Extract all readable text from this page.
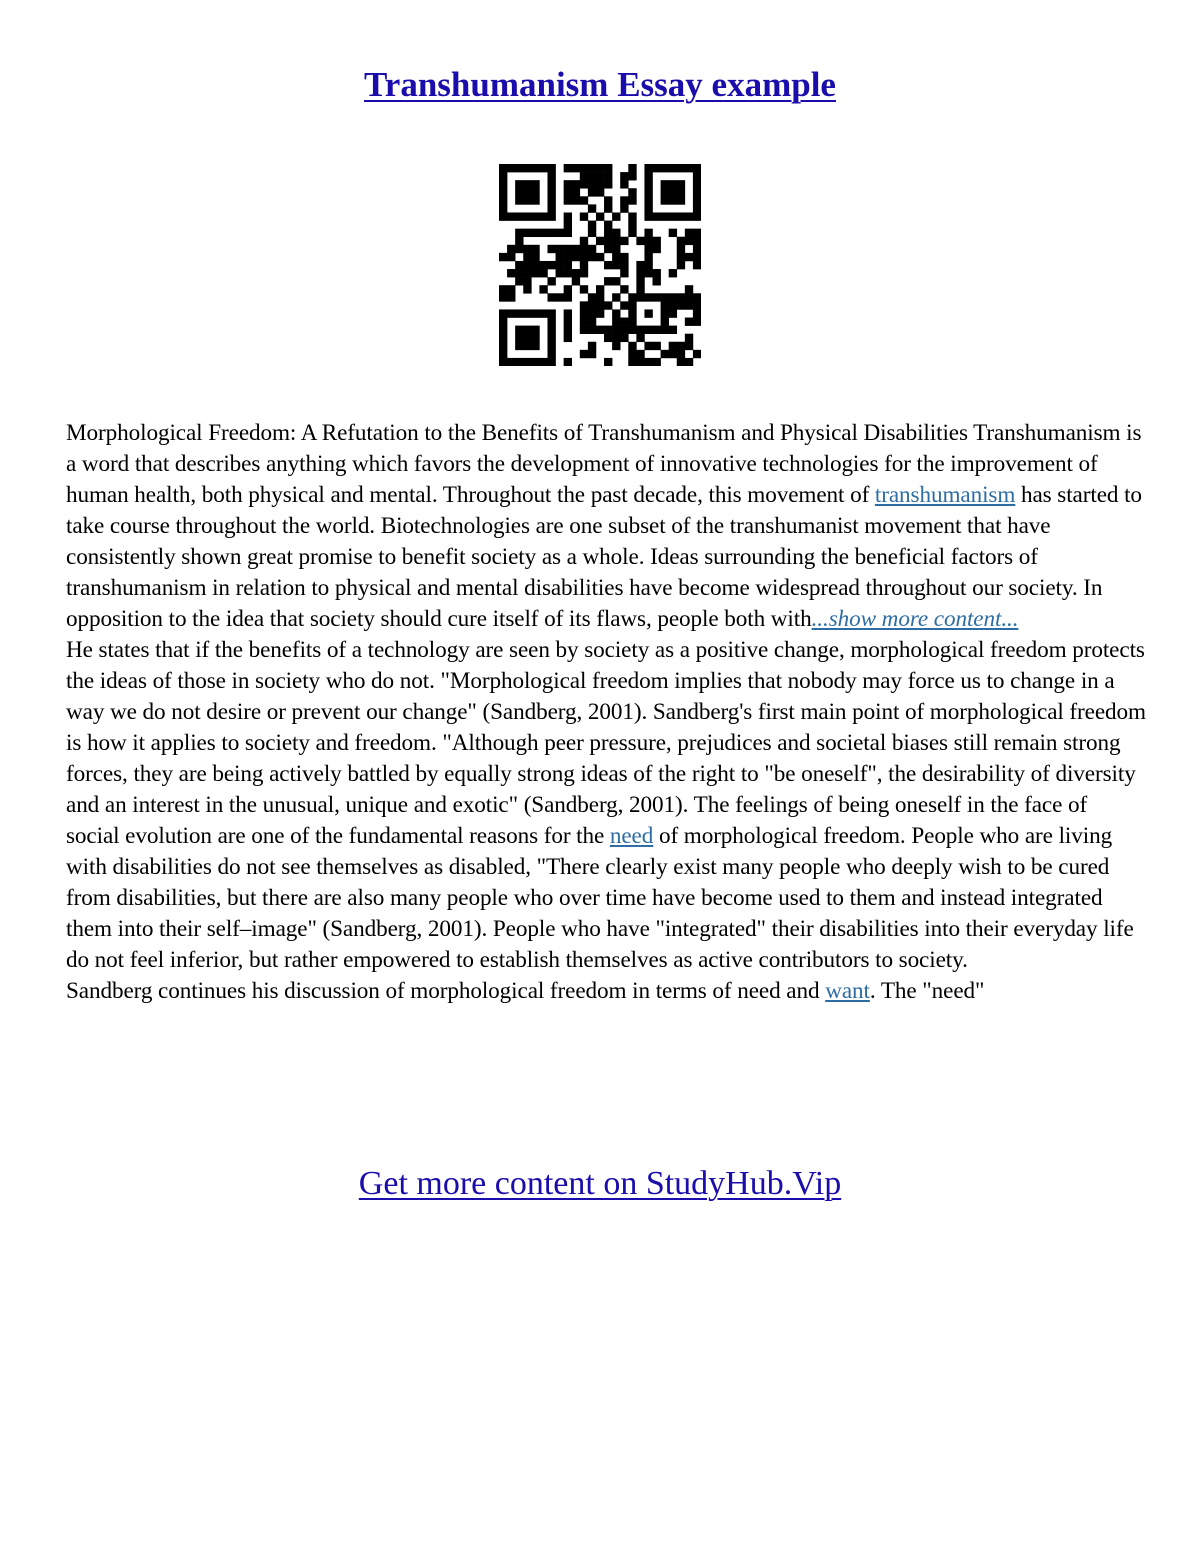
Transhumanism Essay example

Morphological Freedom: A Refutation to the Benefits of Transhumanism and Physical Disabilities Transhumanism is a word that describes anything which favors the development of innovative technologies for the improvement of human health, both physical and mental. Throughout the past decade, this movement of transhumanism has started to take course throughout the world. Biotechnologies are one subset of the transhumanist movement that have consistently shown great promise to benefit society as a whole. Ideas surrounding the beneficial factors of transhumanism in relation to physical and mental disabilities have become widespread throughout our society. In opposition to the idea that society should cure itself of its flaws, people both with...show more content...

He states that if the benefits of a technology are seen by society as a positive change, morphological freedom protects the ideas of those in society who do not. "Morphological freedom implies that nobody may force us to change in a way we do not desire or prevent our change" (Sandberg, 2001). Sandberg's first main point of morphological freedom is how it applies to society and freedom. "Although peer pressure, prejudices and societal biases still remain strong forces, they are being actively battled by equally strong ideas of the right to "be oneself", the desirability of diversity and an interest in the unusual, unique and exotic" (Sandberg, 2001). The feelings of being oneself in the face of social evolution are one of the fundamental reasons for the need of morphological freedom. People who are living with disabilities do not see themselves as disabled, "There clearly exist many people who deeply wish to be cured from disabilities, but there are also many people who over time have become used to them and instead integrated them into their self–image" (Sandberg, 2001). People who have "integrated" their disabilities into their everyday life do not feel inferior, but rather empowered to establish themselves as active contributors to society.

Sandberg continues his discussion of morphological freedom in terms of need and want. The "need"

Get more content on StudyHub.Vip
